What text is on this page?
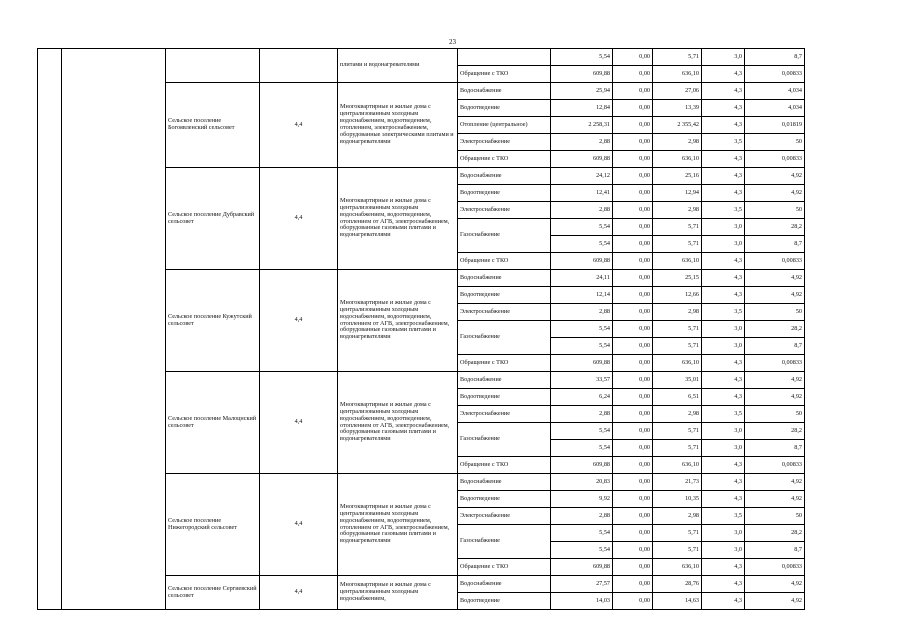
23
				плитами и водонагревателями		5,54	0,00	5,71	3,0	8,7
					Обращение с ТКО	609,88	0,00	636,10	4,3	0,00833
		Сельское поселение Богоявленский сельсовет	4,4	Многоквартирные и жилые дома с централизованным холодным водоснабжением, водоотведением, отоплением, электроснабжением, оборудованные электрическими плитами и водонагревателями	Водоснабжение	25,94	0,00	27,06	4,3	4,034
					Водоотведение	12,84	0,00	13,39	4,3	4,034
					Отопление (центральное)	2 258,31	0,00	2 355,42	4,3	0,01819
					Электроснабжение	2,88	0,00	2,98	3,5	50
					Обращение с ТКО	609,88	0,00	636,10	4,3	0,00833
		Сельское поселение Дубравский сельсовет	4,4	Многоквартирные и жилые дома с централизованным холодным водоснабжением, водоотведением, отоплением от АГВ, электроснабжением, оборудованные газовыми плитами и водонагревателями	Водоснабжение	24,12	0,00	25,16	4,3	4,92
					Водоотведение	12,41	0,00	12,94	4,3	4,92
					Электроснабжение	2,88	0,00	2,98	3,5	50
					Газоснабжение	5,54	0,00	5,71	3,0	28,2
						5,54	0,00	5,71	3,0	8,7
					Обращение с ТКО	609,88	0,00	636,10	4,3	0,00833
		Сельское поселение Кужутский сельсовет	4,4	Многоквартирные и жилые дома с централизованным холодным водоснабжением, водоотведением, отоплением от АГВ, электроснабжением, оборудованные газовыми плитами и водонагревателями	Водоснабжение	24,11	0,00	25,15	4,3	4,92
					Водоотведение	12,14	0,00	12,66	4,3	4,92
					Электроснабжение	2,88	0,00	2,98	3,5	50
					Газоснабжение	5,54	0,00	5,71	3,0	28,2
						5,54	0,00	5,71	3,0	8,7
					Обращение с ТКО	609,88	0,00	636,10	4,3	0,00833
		Сельское поселение Малоцнский сельсовет	4,4	Многоквартирные и жилые дома с централизованным холодным водоснабжением, водоотведением, отоплением от АГВ, электроснабжением, оборудованные газовыми плитами и водонагревателями	Водоснабжение	33,57	0,00	35,01	4,3	4,92
					Водоотведение	6,24	0,00	6,51	4,3	4,92
					Электроснабжение	2,88	0,00	2,98	3,5	50
					Газоснабжение	5,54	0,00	5,71	3,0	28,2
						5,54	0,00	5,71	3,0	8,7
					Обращение с ТКО	609,88	0,00	636,10	4,3	0,00833
		Сельское поселение Нижегородский сельсовет	4,4	Многоквартирные и жилые дома с централизованным холодным водоснабжением, водоотведением, отоплением от АГВ, электроснабжением, оборудованные газовыми плитами и водонагревателями	Водоснабжение	20,83	0,00	21,73	4,3	4,92
					Водоотведение	9,92	0,00	10,35	4,3	4,92
					Электроснабжение	2,88	0,00	2,98	3,5	50
					Газоснабжение	5,54	0,00	5,71	3,0	28,2
						5,54	0,00	5,71	3,0	8,7
					Обращение с ТКО	609,88	0,00	636,10	4,3	0,00833
		Сельское поселение Сергиевский сельсовет	4,4	Многоквартирные и жилые дома с централизованным холодным водоснабжением,	Водоснабжение	27,57	0,00	28,76	4,3	4,92
					Водоотведение	14,03	0,00	14,63	4,3	4,92
